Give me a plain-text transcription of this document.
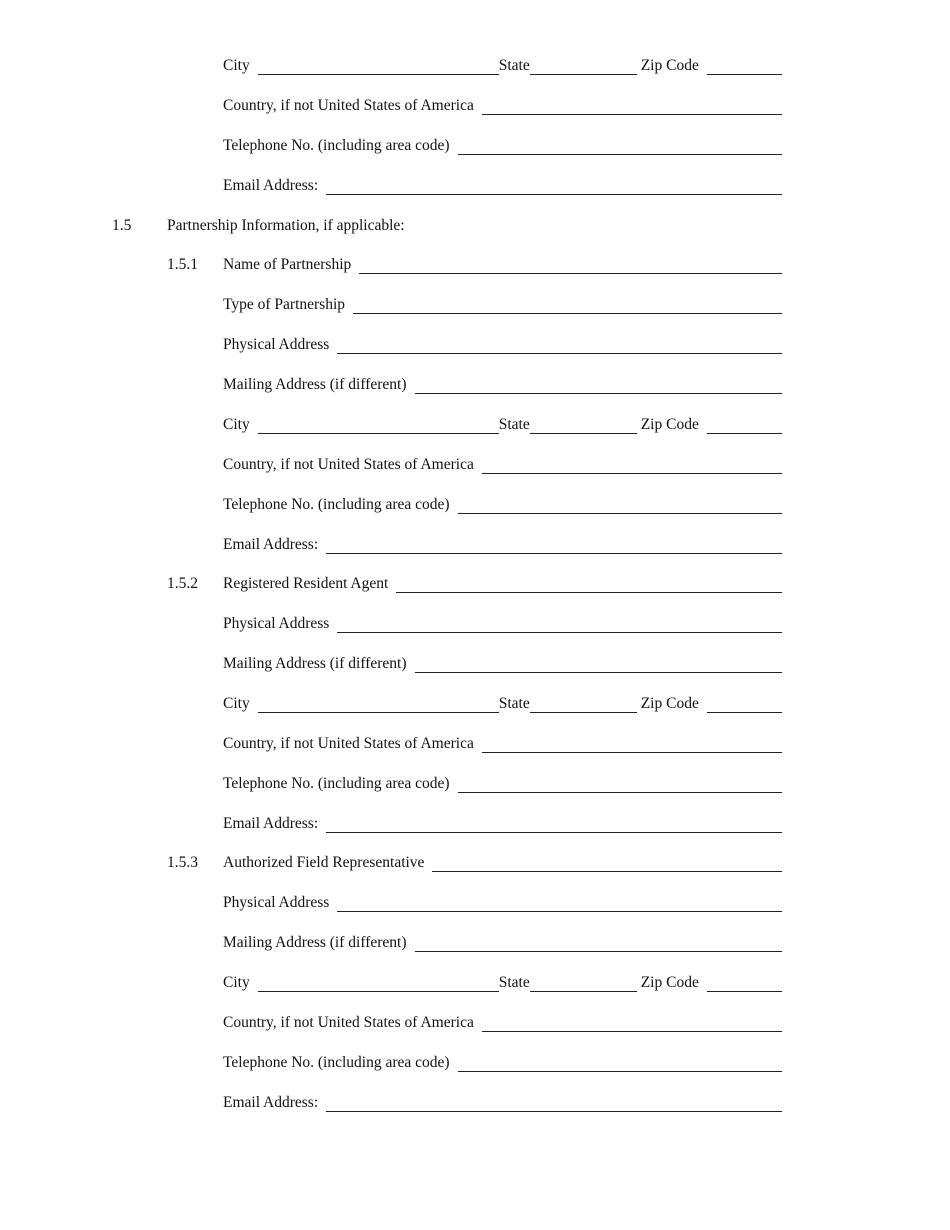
City	State	Zip Code
Country, if not United States of America
Telephone No. (including area code)
Email Address:
1.5 Partnership Information, if applicable:
1.5.1 Name of Partnership
Type of Partnership
Physical Address
Mailing Address (if different)
City	State	Zip Code
Country, if not United States of America
Telephone No. (including area code)
Email Address:
1.5.2 Registered Resident Agent
Physical Address
Mailing Address (if different)
City	State	Zip Code
Country, if not United States of America
Telephone No. (including area code)
Email Address:
1.5.3 Authorized Field Representative
Physical Address
Mailing Address (if different)
City	State	Zip Code
Country, if not United States of America
Telephone No. (including area code)
Email Address:
